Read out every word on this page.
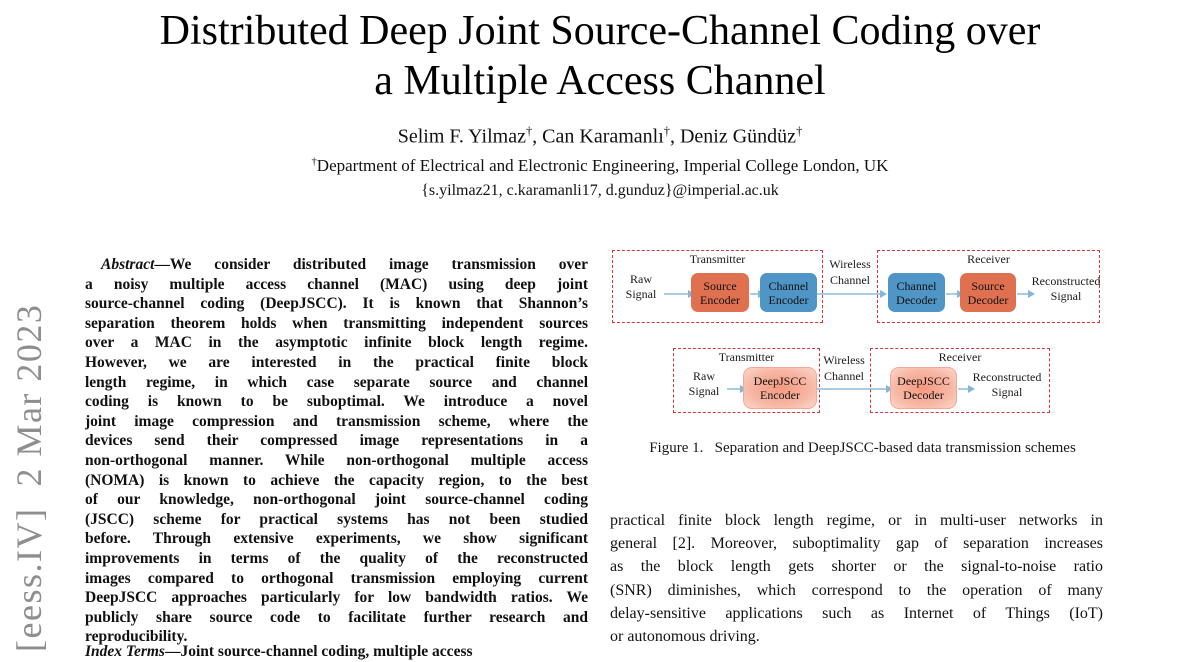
[eess.IV]  2 Mar 2023
Distributed Deep Joint Source-Channel Coding over
a Multiple Access Channel
Selim F. Yilmaz†, Can Karamanlı†, Deniz Gündüz†
†Department of Electrical and Electronic Engineering, Imperial College London, UK
{s.yilmaz21, c.karamanli17, d.gunduz}@imperial.ac.uk
Abstract—We consider distributed image transmission over
a noisy multiple access channel (MAC) using deep joint
source-channel coding (DeepJSCC). It is known that Shannon’s
separation theorem holds when transmitting independent sources
over a MAC in the asymptotic infinite block length regime.
However, we are interested in the practical finite block
length regime, in which case separate source and channel
coding is known to be suboptimal. We introduce a novel
joint image compression and transmission scheme, where the
devices send their compressed image representations in a
non-orthogonal manner. While non-orthogonal multiple access
(NOMA) is known to achieve the capacity region, to the best
of our knowledge, non-orthogonal joint source-channel coding
(JSCC) scheme for practical systems has not been studied
before. Through extensive experiments, we show significant
improvements in terms of the quality of the reconstructed
images compared to orthogonal transmission employing current
DeepJSCC approaches particularly for low bandwidth ratios. We
publicly share source code to facilitate further research and
reproducibility.
Index Terms—Joint source-channel coding, multiple access
Transmitter
Raw
Signal
Source
Encoder
Channel
Encoder
Wireless
Channel
Receiver
Channel
Decoder
Source
Decoder
Reconstructed
Signal
Transmitter
Raw
Signal
DeepJSCC
Encoder
Wireless
Channel
Receiver
DeepJSCC
Decoder
Reconstructed
Signal
Figure 1.   Separation and DeepJSCC-based data transmission schemes
practical finite block length regime, or in multi-user networks in
general [2]. Moreover, suboptimality gap of separation increases
as the block length gets shorter or the signal-to-noise ratio
(SNR) diminishes, which correspond to the operation of many
delay-sensitive applications such as Internet of Things (IoT)
or autonomous driving.
